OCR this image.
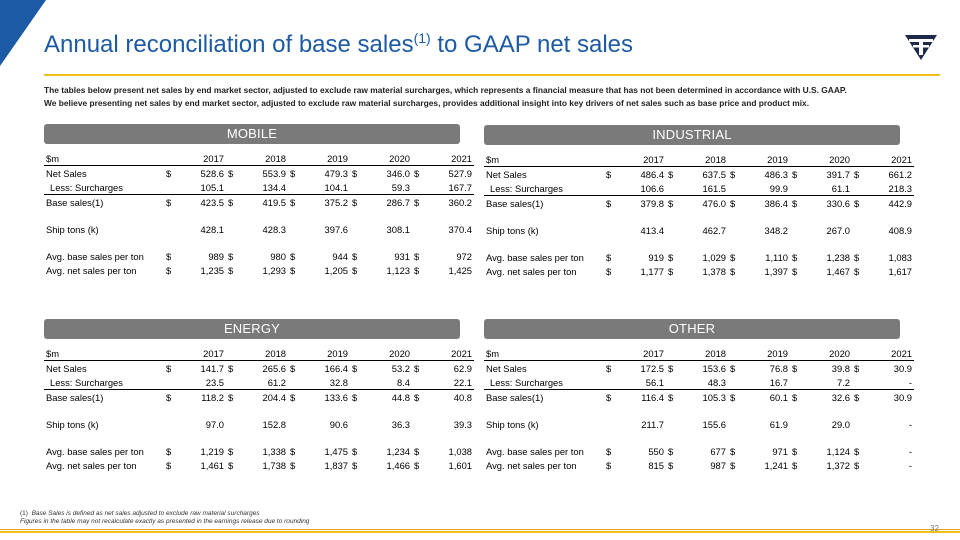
Annual reconciliation of base sales$^{(1)}$ to GAAP net sales

The tables below present net sales by end market sector, adjusted to exclude raw material surcharges, which represents a financial measure that has not been determined in accordance with U.S. GAAP.

We believe presenting net sales by end market sector, adjusted to exclude raw material surcharges, provides additional insight into key drivers of net sales such as base price and product mix.

MOBILE
$m		2017		2018		2019		2020		2021
Net Sales	$	528.6	$	553.9	$	479.3	$	346.0	$	527.9
Less: Surcharges		105.1		134.4		104.1		59.3		167.7
Base sales(1)	$	423.5	$	419.5	$	375.2	$	286.7	$	360.2

Ship tons (k)		428.1		428.3		397.6		308.1		370.4

Avg. base sales per ton	$	989	$	980	$	944	$	931	$	972
Avg. net sales per ton	$	1,235	$	1,293	$	1,205	$	1,123	$	1,425
INDUSTRIAL
$m		2017		2018		2019		2020		2021
Net Sales	$	486.4	$	637.5	$	486.3	$	391.7	$	661.2
Less: Surcharges		106.6		161.5		99.9		61.1		218.3
Base sales(1)	$	379.8	$	476.0	$	386.4	$	330.6	$	442.9

Ship tons (k)		413.4		462.7		348.2		267.0		408.9

Avg. base sales per ton	$	919	$	1,029	$	1,110	$	1,238	$	1,083
Avg. net sales per ton	$	1,177	$	1,378	$	1,397	$	1,467	$	1,617
ENERGY
$m		2017		2018		2019		2020		2021
Net Sales	$	141.7	$	265.6	$	166.4	$	53.2	$	62.9
Less: Surcharges		23.5		61.2		32.8		8.4		22.1
Base sales(1)	$	118.2	$	204.4	$	133.6	$	44.8	$	40.8

Ship tons (k)		97.0		152.8		90.6		36.3		39.3

Avg. base sales per ton	$	1,219	$	1,338	$	1,475	$	1,234	$	1,038
Avg. net sales per ton	$	1,461	$	1,738	$	1,837	$	1,466	$	1,601
OTHER
$m		2017		2018		2019		2020		2021
Net Sales	$	172.5	$	153.6	$	76.8	$	39.8	$	30.9
Less: Surcharges		56.1		48.3		16.7		7.2		-
Base sales(1)	$	116.4	$	105.3	$	60.1	$	32.6	$	30.9

Ship tons (k)		211.7		155.6		61.9		29.0		-

Avg. base sales per ton	$	550	$	677	$	971	$	1,124	$	-
Avg. net sales per ton	$	815	$	987	$	1,241	$	1,372	$	-
(1) Base Sales is defined as net sales adjusted to exclude raw material surcharges
Figures in the table may not recalculate exactly as presented in the earnings release due to rounding
32
